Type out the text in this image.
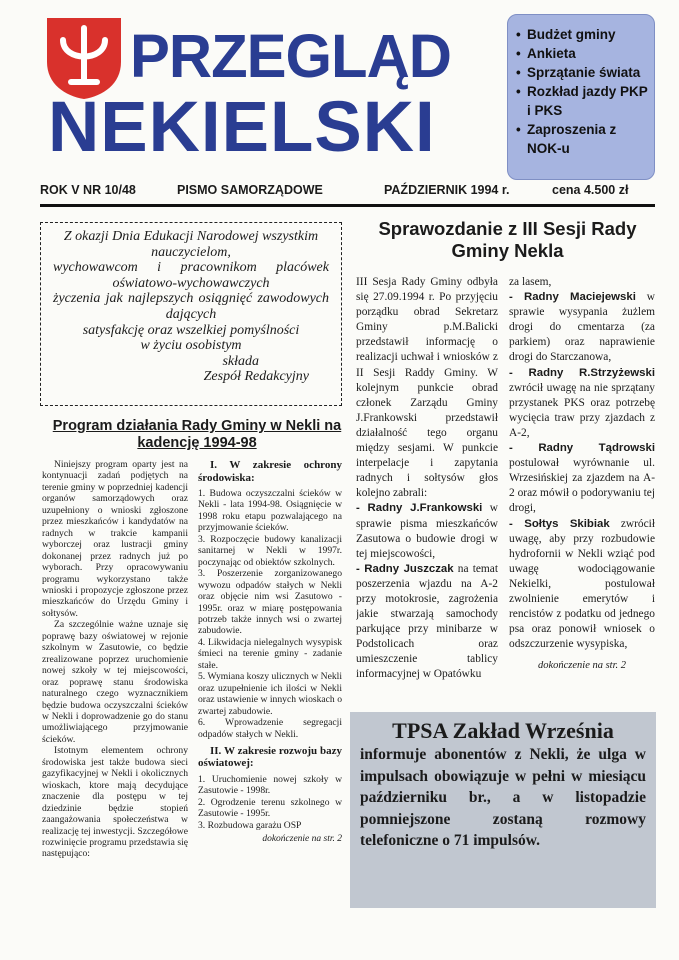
PRZEGLĄD
NEKIELSKI
• Budżet gminy
• Ankieta
• Sprzątanie świata
• Rozkład jazdy PKP i PKS
• Zaproszenia z NOK-u
ROK V NR 10/48	PISMO SAMORZĄDOWE	PAŹDZIERNIK 1994 r.	cena 4.500 zł

Z okazji Dnia Edukacji Narodowej wszystkim nauczycielom,

wychowawcom i pracownikom placówek

oświatowo-wychowawczych

życzenia jak najlepszych osiągnięć zawodowych

dających

satysfakcję oraz wszelkiej pomyślności

w życiu osobistym

składa

Zespół Redakcyjny

Program działania Rady Gminy w Nekli na kadencję 1994-98

Niniejszy program oparty jest na kontynuacji zadań podjętych na terenie gminy w poprzedniej kadencji organów samorządowych oraz uzupełniony o wnioski zgłoszone przez mieszkańców i kandydatów na radnych w trakcie kampanii wyborczej oraz lustracji gminy dokonanej przez radnych już po wyborach. Przy opracowywaniu programu wykorzystano także wnioski i propozycje zgłoszone przez mieszkańców do Urzędu Gminy i sołtysów.

Za szczególnie ważne uznaje się poprawę bazy oświatowej w rejonie szkolnym w Zasutowie, co będzie zrealizowane poprzez uruchomienie nowej szkoły w tej miejscowości, oraz poprawę stanu środowiska naturalnego czego wyznacznikiem będzie budowa oczyszczalni ścieków w Nekli i doprowadzenie go do stanu umożliwiającego przyjmowanie ścieków.

Istotnym elementem ochrony środowiska jest także budowa sieci gazyfikacyjnej w Nekli i okolicznych wioskach, ktore mają decydujące znaczenie dla postępu w tej dziedzinie będzie stopień zaangażowania społeczeństwa w realizację tej inwestycji. Szczegółowe rozwinięcie programu przedstawia się następująco:

I. W zakresie ochrony środowiska:

1. Budowa oczyszczalni ścieków w Nekli - lata 1994-98. Osiągnięcie w 1998 roku etapu pozwalającego na przyjmowanie ścieków.

3. Rozpoczęcie budowy kanalizacji sanitarnej w Nekli w 1997r. poczynając od obiektów szkolnych.

3. Poszerzenie zorganizowanego wywozu odpadów stałych w Nekli oraz objęcie nim wsi Zasutowo - 1995r. oraz w miarę postępowania potrzeb także innych wsi o zwartej zabudowie.

4. Likwidacja nielegalnych wysypisk śmieci na terenie gminy - zadanie stałe.

5. Wymiana koszy ulicznych w Nekli oraz uzupełnienie ich ilości w Nekli oraz ustawienie w innych wioskach o zwartej zabudowie.

6. Wprowadzenie segregacji odpadów stałych w Nekli.

II. W zakresie rozwoju bazy oświatowej:

1. Uruchomienie nowej szkoły w Zasutowie - 1998r.

2. Ogrodzenie terenu szkolnego w Zasutowie - 1995r.

3. Rozbudowa garażu OSP

dokończenie na str. 2

Sprawozdanie z III Sesji Rady Gminy Nekla

III Sesja Rady Gminy odbyła się 27.09.1994 r. Po przyjęciu porządku obrad Sekretarz Gminy p.M.Balicki przedstawił informację o realizacji uchwał i wniosków z II Sesji Raddy Gminy. W kolejnym punkcie obrad członek Zarządu Gminy J.Frankowski przedstawił działalność tego organu między sesjami. W punkcie interpelacje i zapytania radnych i sołtysów głos kolejno zabrali:

- Radny J.Frankowski w sprawie pisma mieszkańców Zasutowa o budowie drogi w tej miejscowości,

- Radny Juszczak na temat poszerzenia wjazdu na A-2 przy motokrosie, zagrożenia jakie stwarzają samochody parkujące przy minibarze w Podstolicach oraz umieszczenie tablicy informacyjnej w Opatówku

za lasem,

- Radny Maciejewski w sprawie wysypania żużlem drogi do cmentarza (za parkiem) oraz naprawienie drogi do Starczanowa,

- Radny R.Strzyżewski zwrócił uwagę na nie sprzątany przystanek PKS oraz potrzebę wycięcia traw przy zjazdach z A-2,

- Radny Tądrowski postulował wyrównanie ul. Wrzesińskiej za zjazdem na A-2 oraz mówił o podorywaniu tej drogi,

- Sołtys Skibiak zwrócił uwagę, aby przy rozbudowie hydrofornii w Nekli wziąć pod uwagę wodociągowanie Nekielki, postulował zwolnienie emerytów i rencistów z podatku od jednego psa oraz ponowił wniosek o odszczurzenie wysypiska,

dokończenie na str. 2

TPSA Zakład Września
informuje abonentów z Nekli, że ulga w impulsach obowiązuje w pełni w miesiącu październiku br., a w listopadzie pomniejszone zostaną rozmowy telefoniczne o 71 impulsów.
